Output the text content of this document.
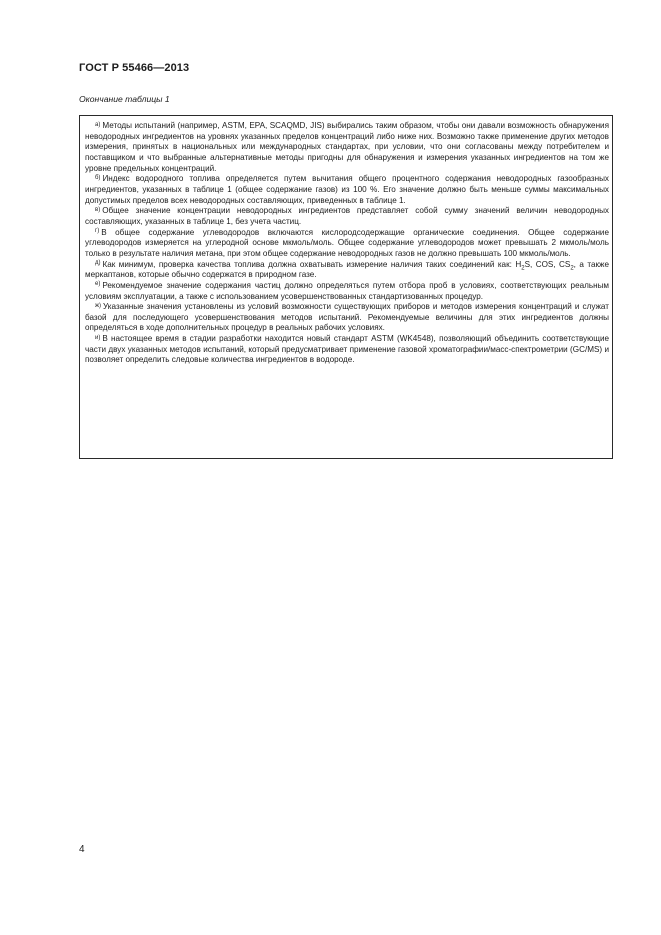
ГОСТ Р 55466—2013
Окончание таблицы 1

$^{а)}$ Методы испытаний (например, ASTM, EPA, SCAQMD, JIS) выбирались таким образом, чтобы они давали возможность обнаружения неводородных ингредиентов на уровнях указанных пределов концентраций либо ниже них. Возможно также применение других методов измерения, принятых в национальных или международных стандартах, при условии, что они согласованы между потребителем и поставщиком и что выбранные альтернативные методы пригодны для обнаружения и измерения указанных ингредиентов на том же уровне предельных концентраций.

$^{б)}$ Индекс водородного топлива определяется путем вычитания общего процентного содержания неводородных газообразных ингредиентов, указанных в таблице 1 (общее содержание газов) из 100 %. Его значение должно быть меньше суммы максимальных допустимых пределов всех неводородных составляющих, приведенных в таблице 1.

$^{в)}$ Общее значение концентрации неводородных ингредиентов представляет собой сумму значений величин неводородных составляющих, указанных в таблице 1, без учета частиц.

$^{г)}$ В общее содержание углеводородов включаются кислородсодержащие органические соединения. Общее содержание углеводородов измеряется на углеродной основе мкмоль/моль. Общее содержание углеводородов может превышать 2 мкмоль/моль только в результате наличия метана, при этом общее содержание неводородных газов не должно превышать 100 мкмоль/моль.

$^{д)}$ Как минимум, проверка качества топлива должна охватывать измерение наличия таких соединений как: $H_2S$, COS, $CS_2$, а также меркаптанов, которые обычно содержатся в природном газе.

$^{е)}$ Рекомендуемое значение содержания частиц должно определяться путем отбора проб в условиях, соответствующих реальным условиям эксплуатации, а также с использованием усовершенствованных стандартизованных процедур.

$^{ж)}$ Указанные значения установлены из условий возможности существующих приборов и методов измерения концентраций и служат базой для последующего усовершенствования методов испытаний. Рекомендуемые величины для этих ингредиентов должны определяться в ходе дополнительных процедур в реальных рабочих условиях.

$^{и)}$ В настоящее время в стадии разработки находится новый стандарт ASTM (WK4548), позволяющий объединить соответствующие части двух указанных методов испытаний, который предусматривает применение газовой хроматографии/масс-спектрометрии (GC/MS) и позволяет определить следовые количества ингредиентов в водороде.

4
